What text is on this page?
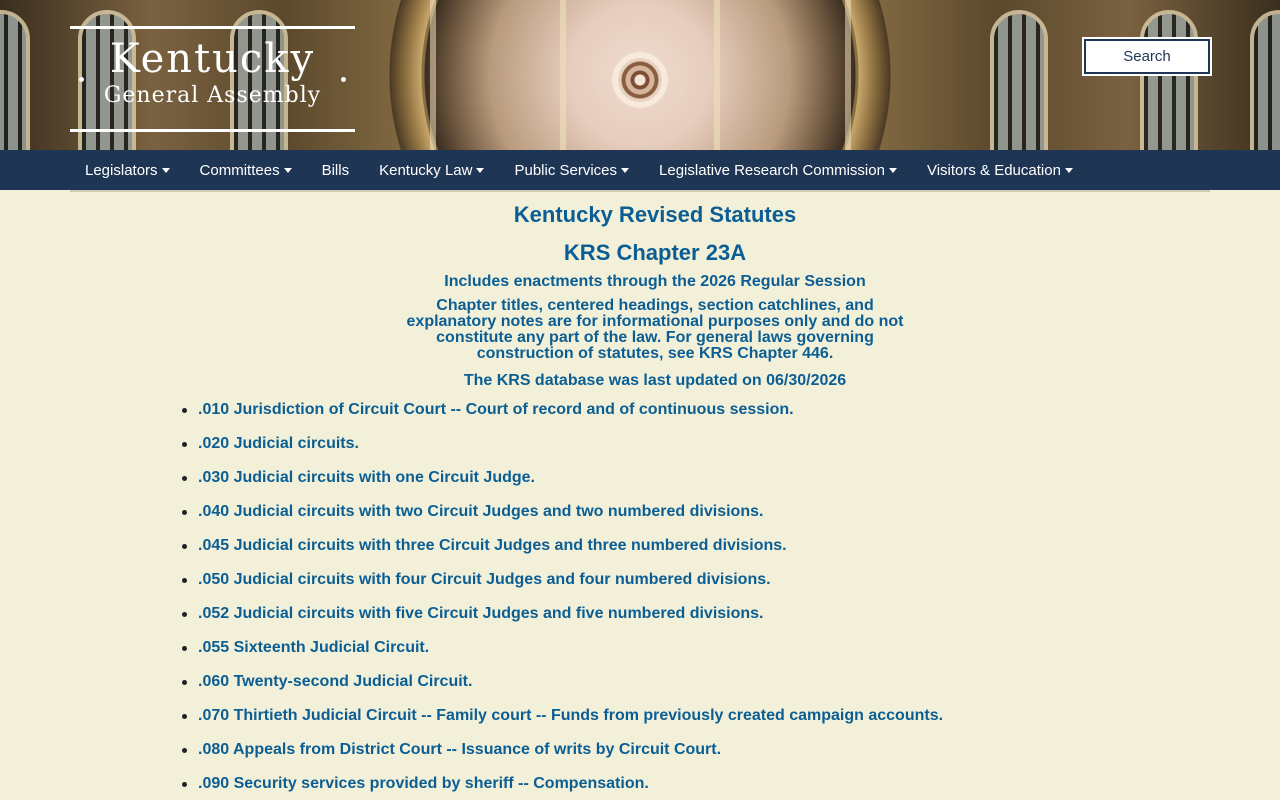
Kentucky
General Assembly
Search
Legislators	Committees	Bills Kentucky Law	Public Services	Legislative Research Commission	Visitors & Education
Kentucky Revised Statutes
KRS Chapter 23A
Includes enactments through the 2026 Regular Session
Chapter titles, centered headings, section catchlines, and explanatory notes are for informational purposes only and do not constitute any part of the law. For general laws governing construction of statutes, see KRS Chapter 446.
The KRS database was last updated on 06/30/2026
.010 Jurisdiction of Circuit Court -- Court of record and of continuous session.
.020 Judicial circuits.
.030 Judicial circuits with one Circuit Judge.
.040 Judicial circuits with two Circuit Judges and two numbered divisions.
.045 Judicial circuits with three Circuit Judges and three numbered divisions.
.050 Judicial circuits with four Circuit Judges and four numbered divisions.
.052 Judicial circuits with five Circuit Judges and five numbered divisions.
.055 Sixteenth Judicial Circuit.
.060 Twenty-second Judicial Circuit.
.070 Thirtieth Judicial Circuit -- Family court -- Funds from previously created campaign accounts.
.080 Appeals from District Court -- Issuance of writs by Circuit Court.
.090 Security services provided by sheriff -- Compensation.
